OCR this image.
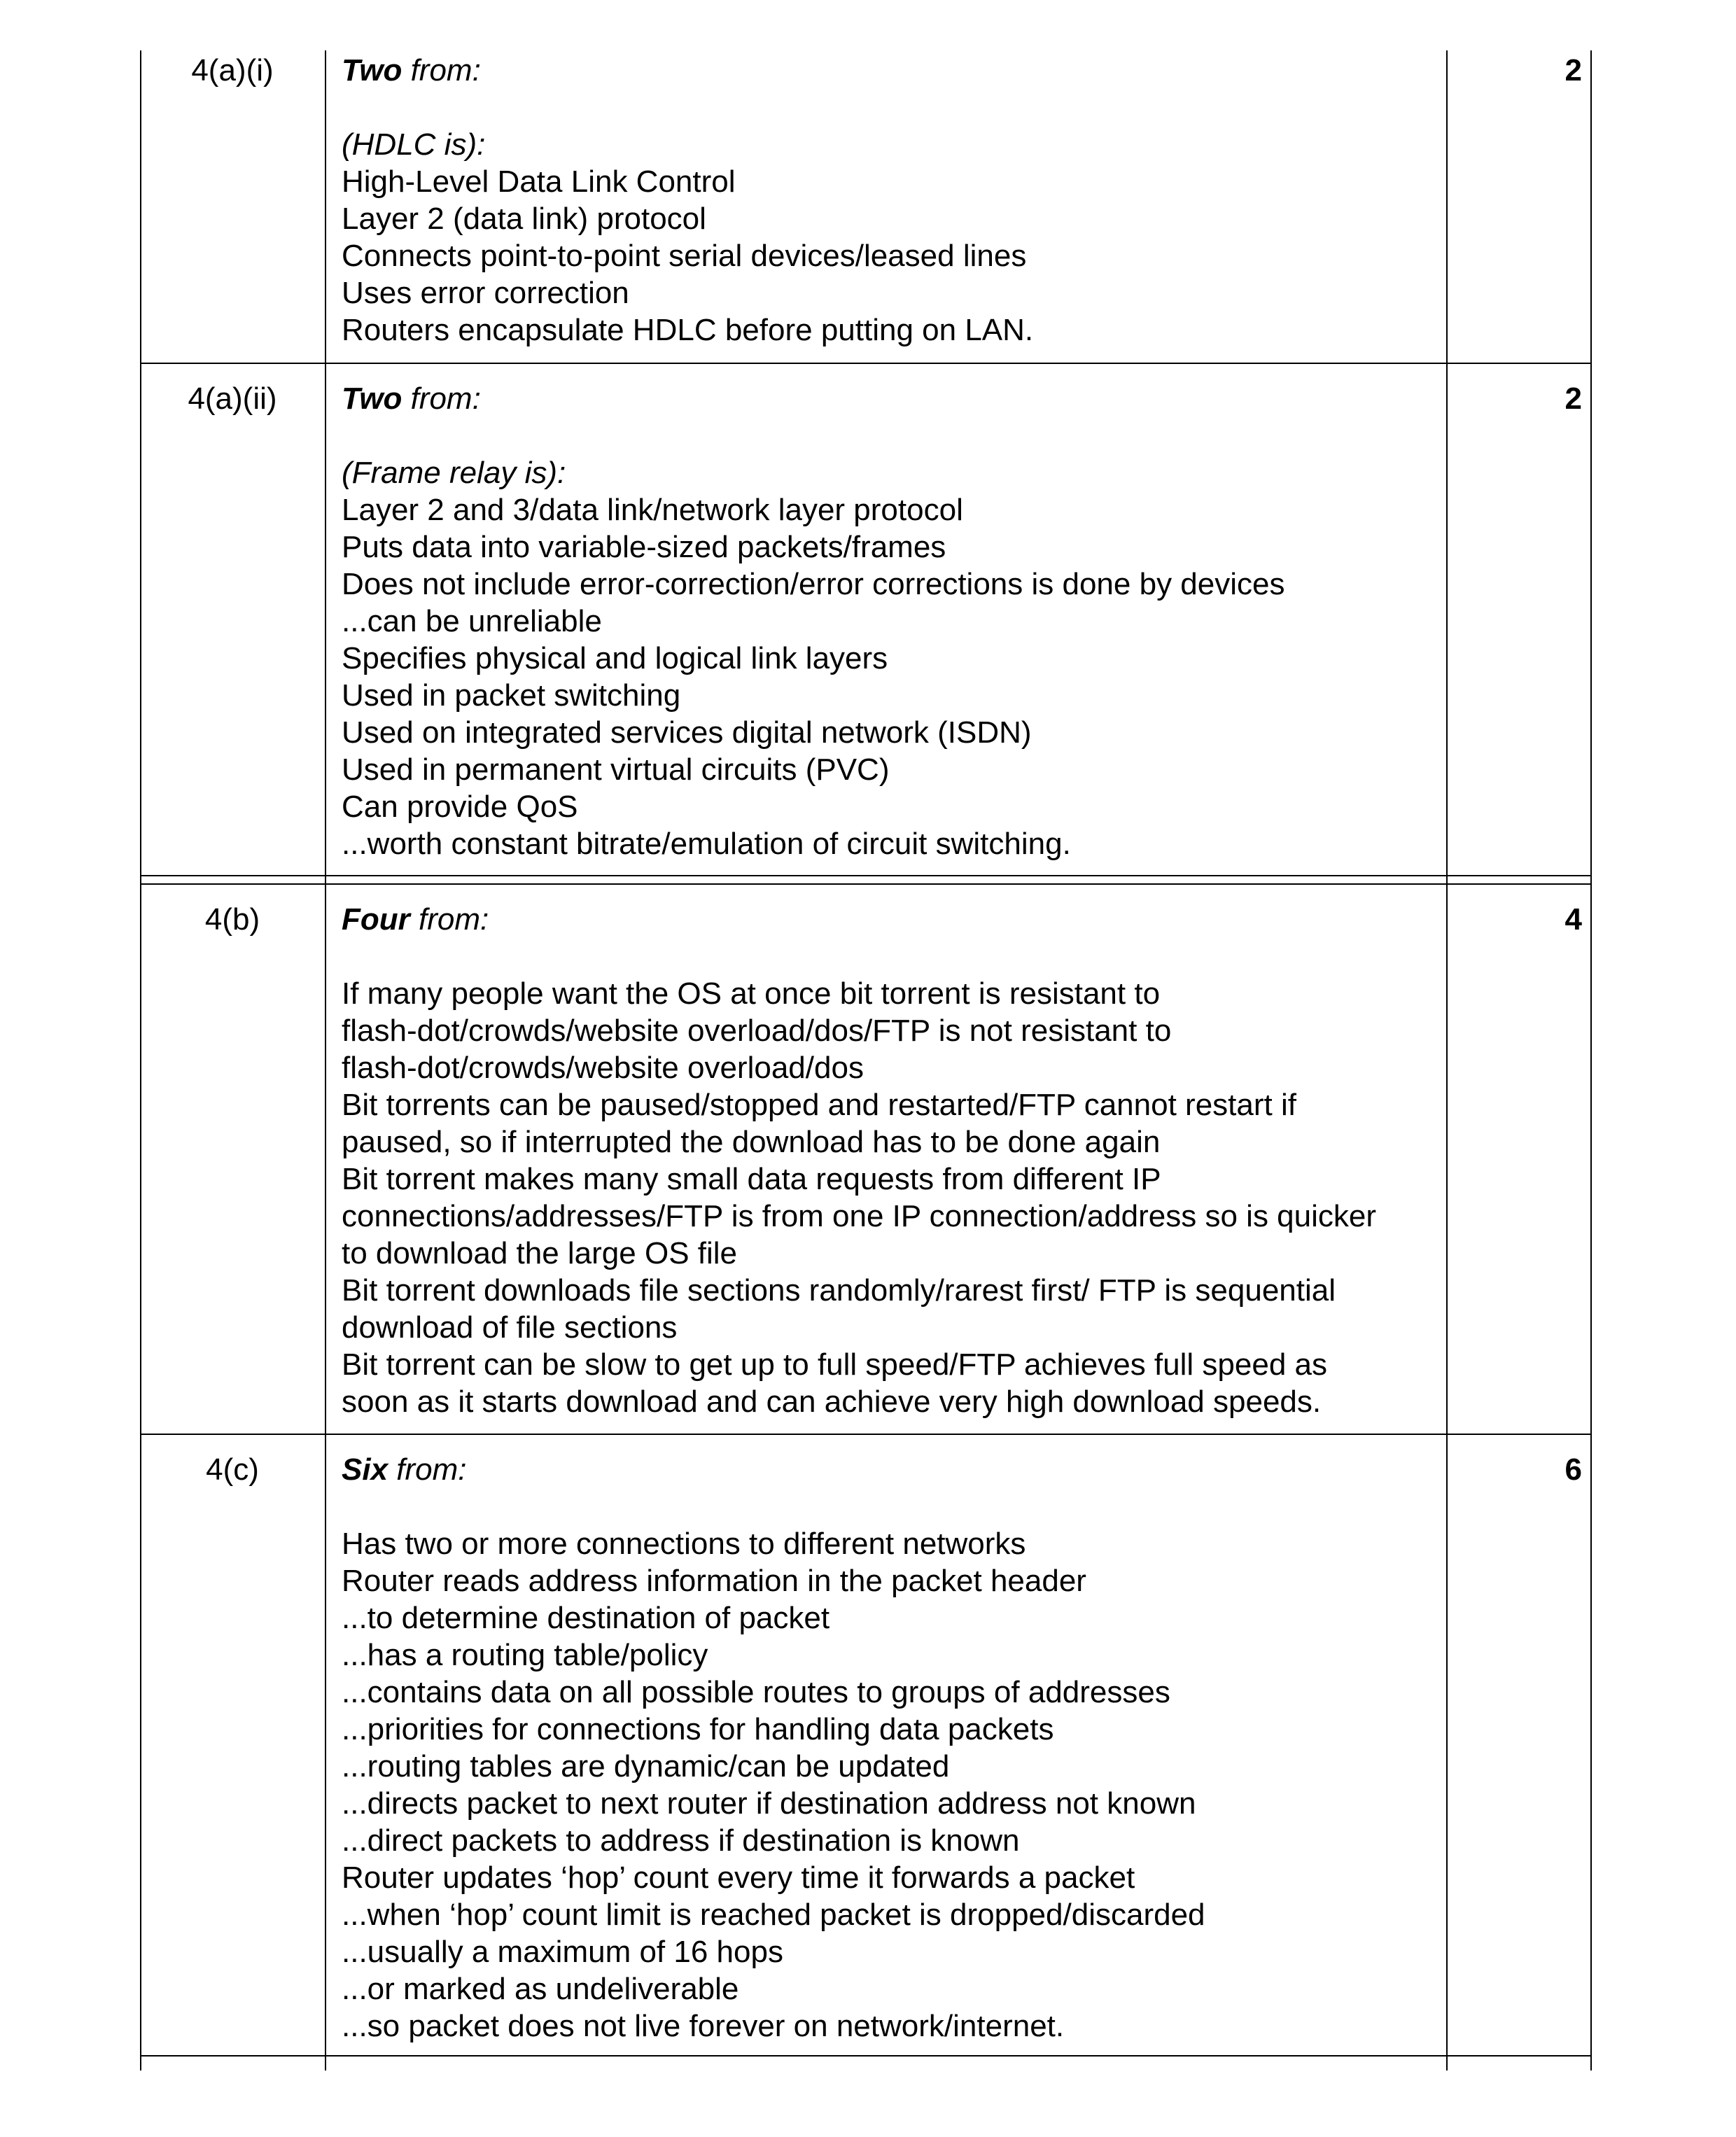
4(a)(i)	Two from:
(HDLC is):
High-Level Data Link Control
Layer 2 (data link) protocol
Connects point-to-point serial devices/leased lines
Uses error correction
Routers encapsulate HDLC before putting on LAN.
2
4(a)(ii)	Two from:
(Frame relay is):
Layer 2 and 3/data link/network layer protocol
Puts data into variable-sized packets/frames
Does not include error-correction/error corrections is done by devices
...can be unreliable
Specifies physical and logical link layers
Used in packet switching
Used on integrated services digital network (ISDN)
Used in permanent virtual circuits (PVC)
Can provide QoS
...worth constant bitrate/emulation of circuit switching.
2
4(b)	Four from:
If many people want the OS at once bit torrent is resistant to
flash-dot/crowds/website overload/dos/FTP is not resistant to
flash-dot/crowds/website overload/dos
Bit torrents can be paused/stopped and restarted/FTP cannot restart if
paused, so if interrupted the download has to be done again
Bit torrent makes many small data requests from different IP
connections/addresses/FTP is from one IP connection/address so is quicker
to download the large OS file
Bit torrent downloads file sections randomly/rarest first/ FTP is sequential
download of file sections
Bit torrent can be slow to get up to full speed/FTP achieves full speed as
soon as it starts download and can achieve very high download speeds.
4
4(c)	Six from:
Has two or more connections to different networks
Router reads address information in the packet header
...to determine destination of packet
...has a routing table/policy
...contains data on all possible routes to groups of addresses
...priorities for connections for handling data packets
...routing tables are dynamic/can be updated
...directs packet to next router if destination address not known
...direct packets to address if destination is known
Router updates ‘hop’ count every time it forwards a packet
...when ‘hop’ count limit is reached packet is dropped/discarded
...usually a maximum of 16 hops
...or marked as undeliverable
...so packet does not live forever on network/internet.
6
